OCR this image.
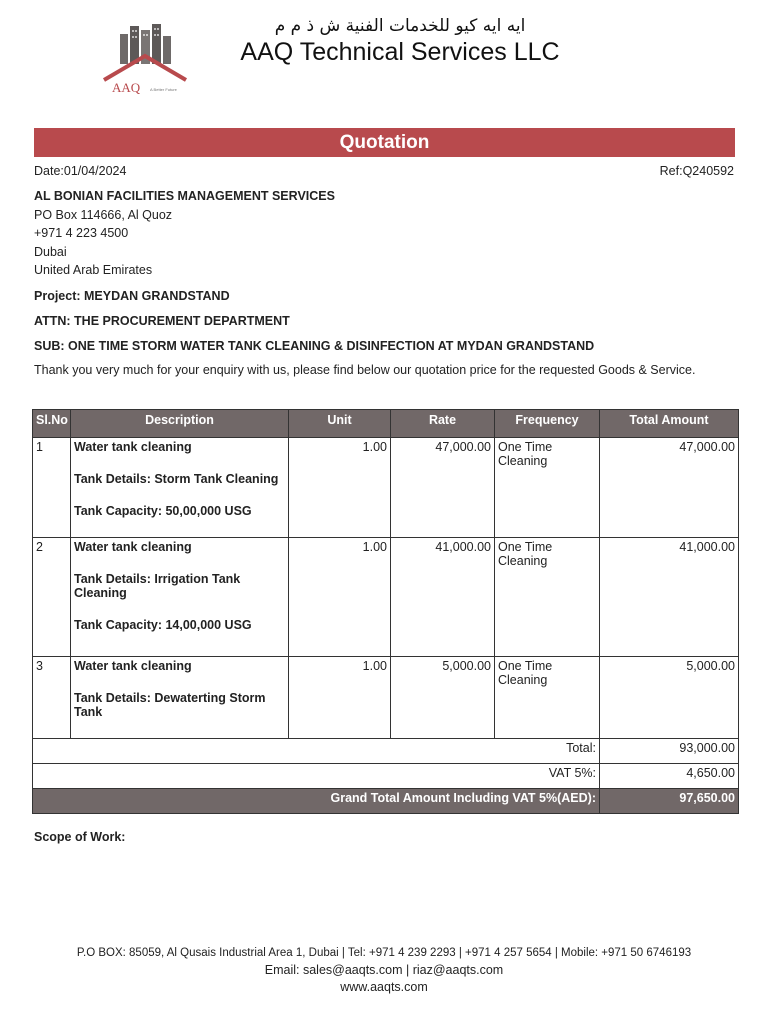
AAQ A Better Future
ايه ايه كيو للخدمات الفنية ش ذ م م
AAQ Technical Services LLC
Quotation
Date:01/04/2024	Ref:Q240592
AL BONIAN FACILITIES MANAGEMENT SERVICES
PO Box 114666, Al Quoz
+971 4 223 4500
Dubai
United Arab Emirates
Project: MEYDAN GRANDSTAND
ATTN: THE PROCUREMENT DEPARTMENT
SUB: ONE TIME STORM WATER TANK CLEANING & DISINFECTION AT MYDAN GRANDSTAND
Thank you very much for your enquiry with us, please find below our quotation price for the requested Goods & Service.
Sl.No	Description	Unit	Rate	Frequency	Total Amount
1	Water tank cleaning
Tank Details: Storm Tank Cleaning
Tank Capacity: 50,00,000 USG	1.00	47,000.00	One Time Cleaning	47,000.00
2	Water tank cleaning
Tank Details: Irrigation Tank Cleaning
Tank Capacity: 14,00,000 USG	1.00	41,000.00	One Time Cleaning	41,000.00
3	Water tank cleaning
Tank Details: Dewaterting Storm Tank	1.00	5,000.00	One Time Cleaning	5,000.00
Total:					93,000.00
VAT 5%:					4,650.00
Grand Total Amount Including VAT 5%(AED):					97,650.00
Scope of Work:
P.O BOX: 85059, Al Qusais Industrial Area 1, Dubai | Tel: +971 4 239 2293 | +971 4 257 5654 | Mobile: +971 50 6746193
Email: sales@aaqts.com | riaz@aaqts.com
www.aaqts.com
